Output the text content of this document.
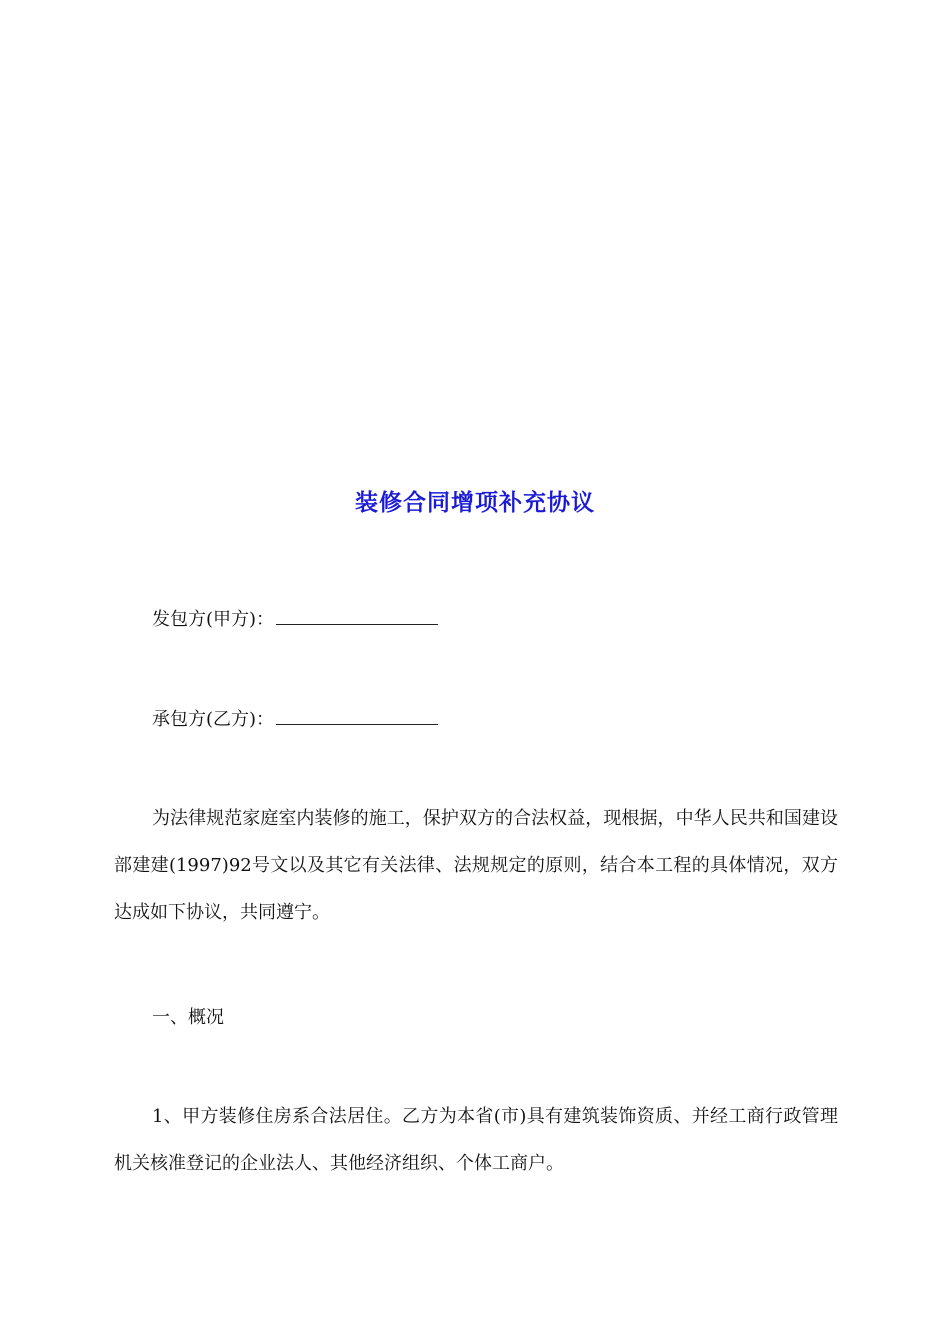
装修合同增项补充协议
发包方(甲方)：
承包方(乙方)：

为法律规范家庭室内装修的施工，保护双方的合法权益，现根据，中华人民共和国建设部建建(1997)92号文以及其它有关法律、法规规定的原则，结合本工程的具体情况，双方达成如下协议，共同遵宁。

一、概况

1、甲方装修住房系合法居住。乙方为本省(市)具有建筑装饰资质、并经工商行政管理机关核准登记的企业法人、其他经济组织、个体工商户。
